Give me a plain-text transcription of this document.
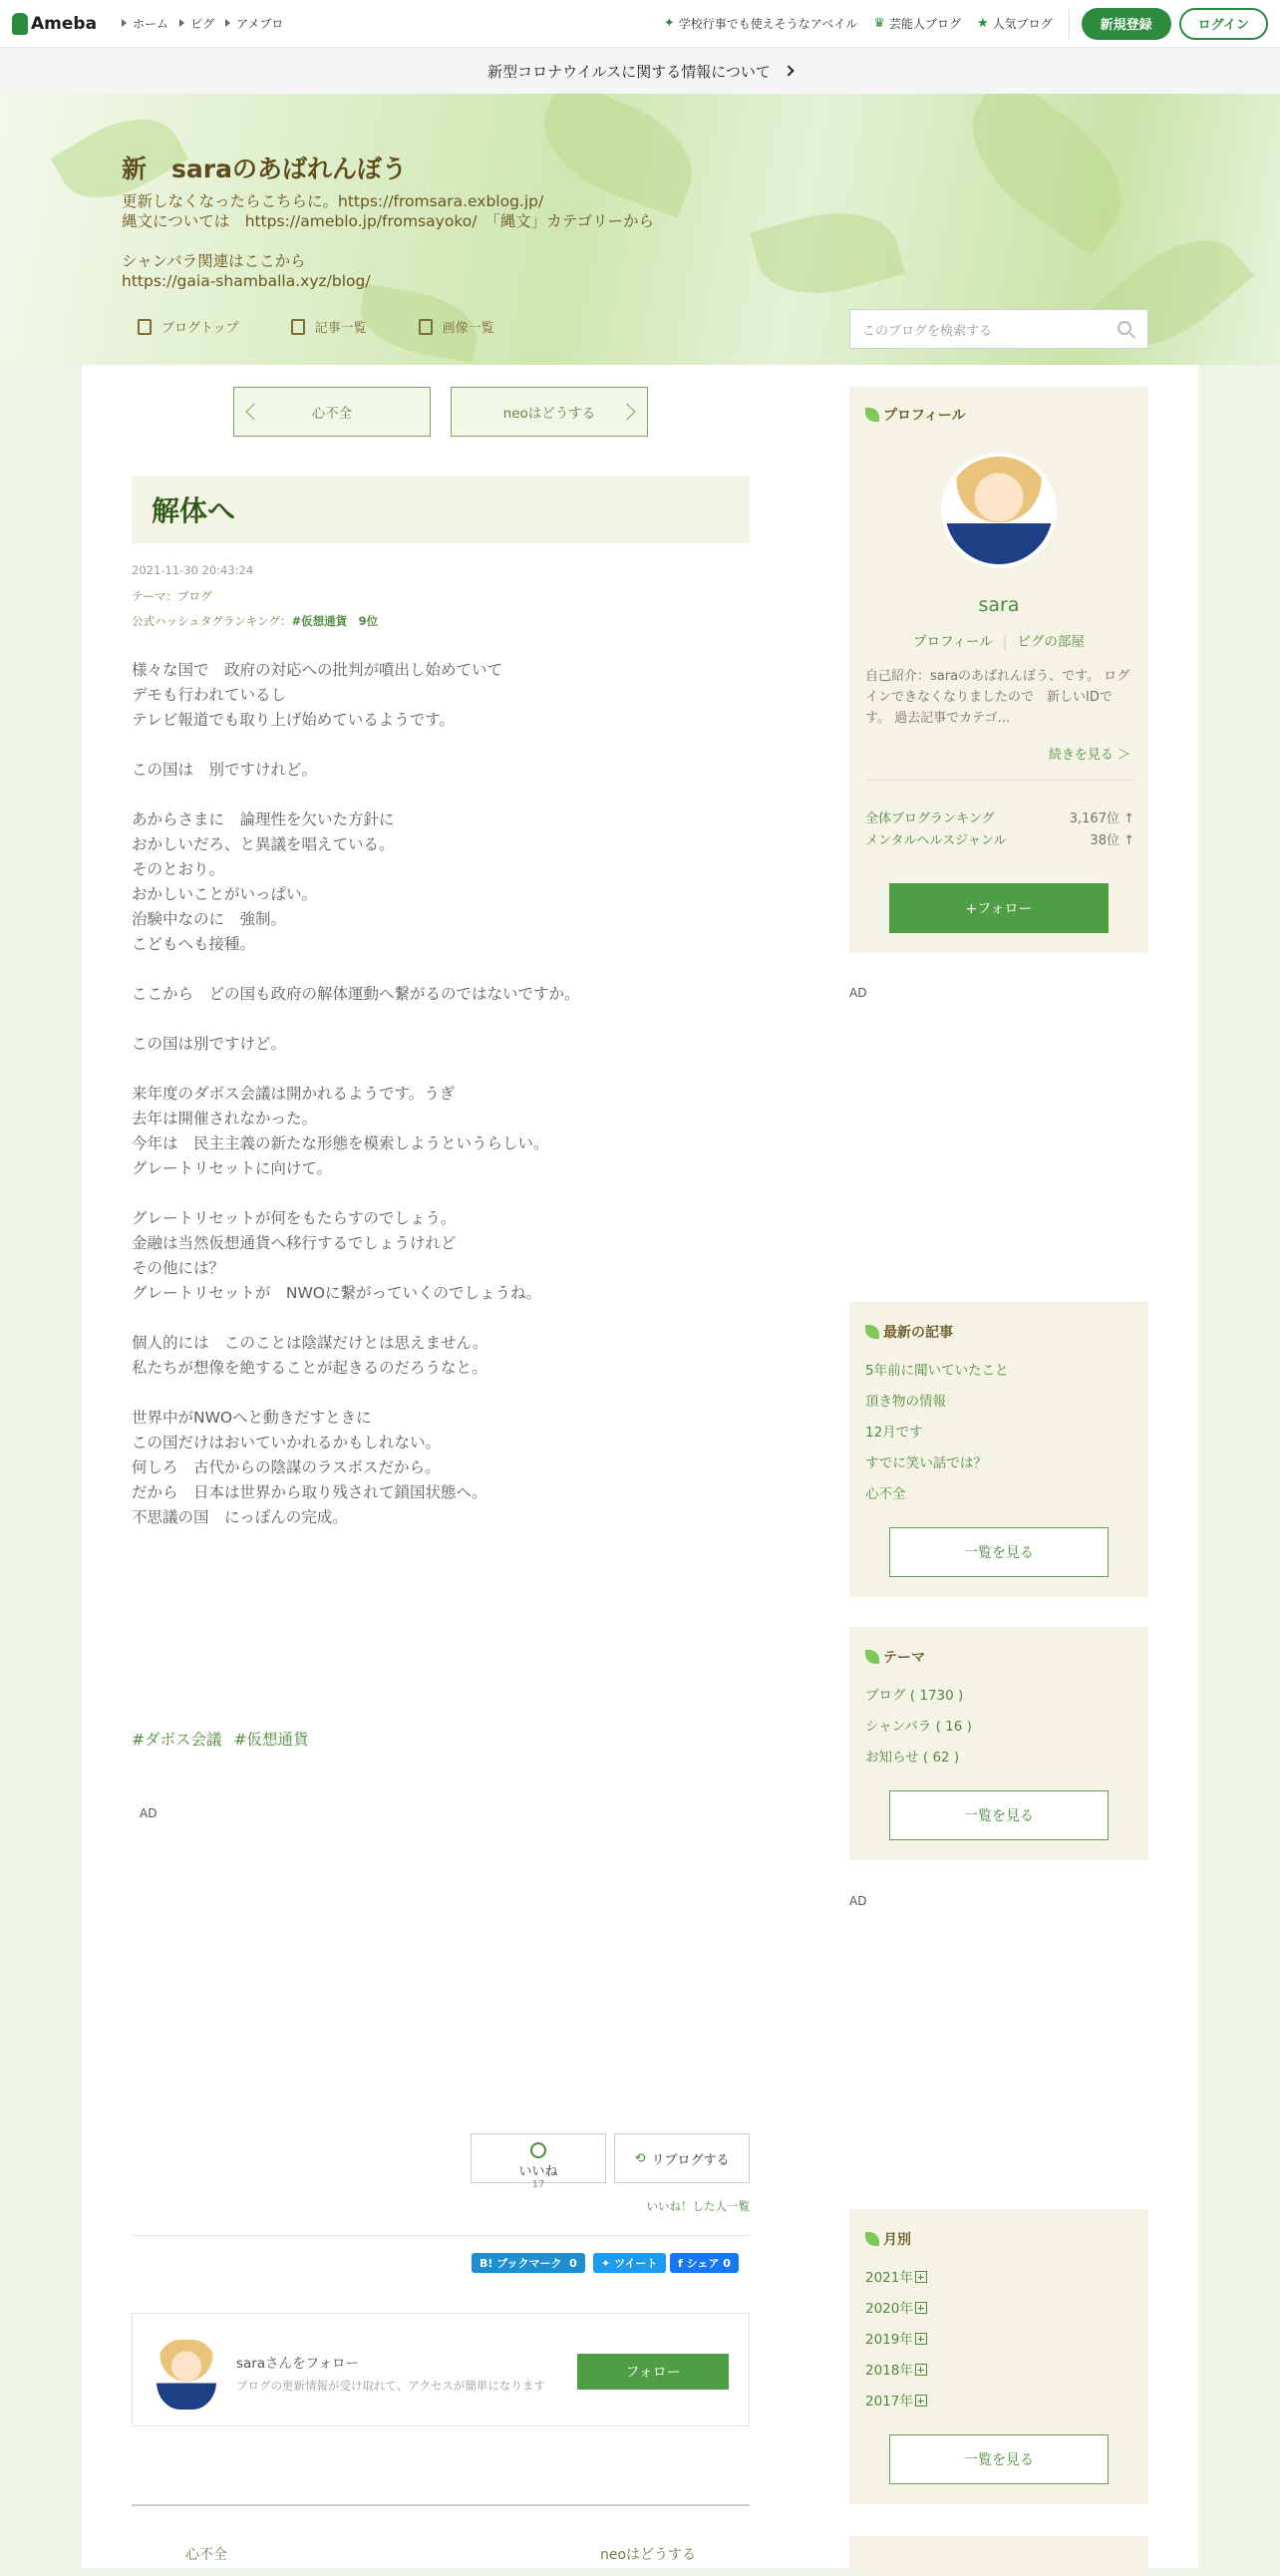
Ameba	ホーム ピグ アメブロ	✦ 学校行事でも使えそうなアベイル ♛ 芸能人ブログ ★ 人気ブログ	新規登録	ログイン
新型コロナウイルスに関する情報について
新　saraのあばれんぼう
更新しなくなったらこちらに。https://fromsara.exblog.jp/
縄文については　https://ameblo.jp/fromsayoko/　「縄文」カテゴリーから

シャンバラ関連はここから
https://gaia-shamballa.xyz/blog/
ブログトップ	記事一覧	画像一覧	このブログを検索する
心不全	neoはどうする
解体へ
2021-11-30 20:43:24
テーマ：ブログ
公式ハッシュタグランキング：#仮想通貨　9位
様々な国で　政府の対応への批判が噴出し始めていて
デモも行われているし
テレビ報道でも取り上げ始めているようです。

この国は　別ですけれど。

あからさまに　論理性を欠いた方針に
おかしいだろ、と異議を唱えている。
そのとおり。
おかしいことがいっぱい。
治験中なのに　強制。
こどもへも接種。

ここから　どの国も政府の解体運動へ繋がるのではないですか。

この国は別ですけど。

来年度のダボス会議は開かれるようです。うぎ
去年は開催されなかった。
今年は　民主主義の新たな形態を模索しようというらしい。
グレートリセットに向けて。

グレートリセットが何をもたらすのでしょう。
金融は当然仮想通貨へ移行するでしょうけれど
その他には？
グレートリセットが　NWOに繋がっていくのでしょうね。

個人的には　このことは陰謀だけとは思えません。
私たちが想像を絶することが起きるのだろうなと。

世界中がNWOへと動きだすときに
この国だけはおいていかれるかもしれない。
何しろ　古代からの陰謀のラスボスだから。
だから　日本は世界から取り残されて鎖国状態へ。
不思議の国　にっぽんの完成。
#ダボス会議 #仮想通貨
AD
いいね
17
⟲ リブログする
いいね！した人一覧
B! ブックマーク
0 ✦
ツイート f
シェア
0
saraさんをフォロー
ブログの更新情報が受け取れて、アクセスが簡単になります
フォロー
心不全	neoはどうする
プロフィール
sara
プロフィール | ピグの部屋
自己紹介：saraのあばれんぼう、です。 ログインできなくなりましたので　新しいIDです。 過去記事でカテゴ...
続きを見る ＞
全体ブログランキング	3,167位 ↑
メンタルヘルスジャンル	38位 ↑
+フォロー
AD
最新の記事
5年前に聞いていたこと
頂き物の情報
12月です
すでに笑い話では？
心不全
一覧を見る
テーマ
ブログ ( 1730 )
シャンバラ ( 16 )
お知らせ ( 62 )
一覧を見る
AD
月別
2021年
2020年
2019年
2018年
2017年
一覧を見る
